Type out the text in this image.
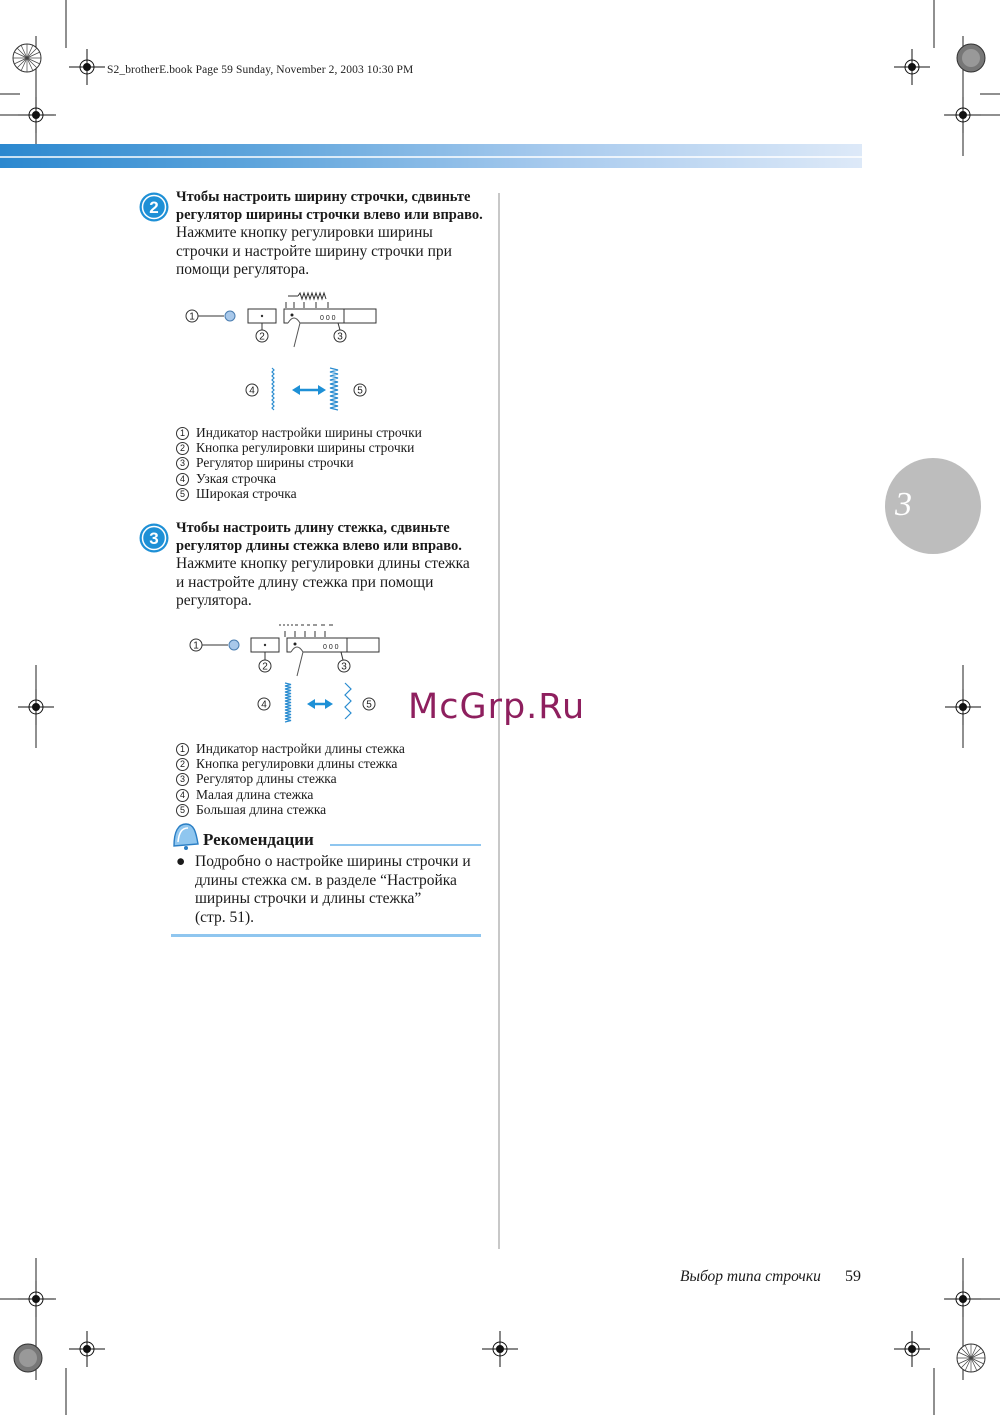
S2_brotherE.book Page 59 Sunday, November 2, 2003 10:30 PM
2
Чтобы настроить ширину строчки, сдвиньте
регулятор ширины строчки влево или вправо.
Нажмите кнопку регулировки ширины
строчки и настройте ширину строчки при
помощи регулятора.
1	0 0 0
2	3
4	5
1 Индикатор настройки ширины строчки
2 Кнопка регулировки ширины строчки
3 Регулятор ширины строчки
4 Узкая строчка
5 Широкая строчка
3
Чтобы настроить длину стежка, сдвиньте
регулятор длины стежка влево или вправо.
Нажмите кнопку регулировки длины стежка
и настройте длину стежка при помощи
регулятора.
1	0 0 0
2	3
4	5
1 Индикатор настройки длины стежка
2 Кнопка регулировки длины стежка
3 Регулятор длины стежка
4 Малая длина стежка
5 Большая длина стежка
Рекомендации
● Подробно о настройке ширины строчки и
длины стежка см. в разделе “Настройка
ширины строчки и длины стежка”
(стр. 51).
3
McGrp.Ru
Выбор типа строчки 59
